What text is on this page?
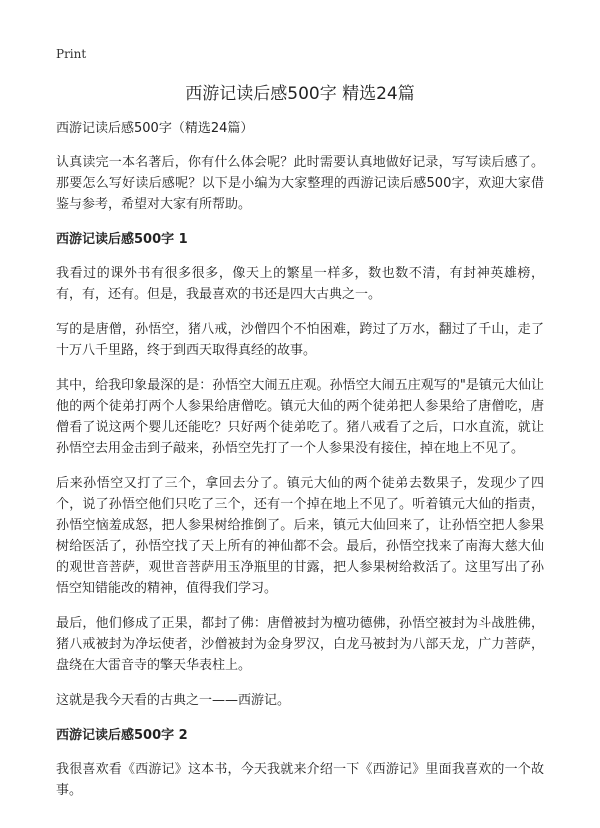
Print
西游记读后感500字 精选24篇
西游记读后感500字（精选24篇）

认真读完一本名著后，你有什么体会呢？此时需要认真地做好记录，写写读后感了。那要怎么写好读后感呢？以下是小编为大家整理的西游记读后感500字，欢迎大家借鉴与参考，希望对大家有所帮助。

西游记读后感500字 1

我看过的课外书有很多很多，像天上的繁星一样多，数也数不清，有封神英雄榜，有，有，还有。但是，我最喜欢的书还是四大古典之一。

写的是唐僧，孙悟空，猪八戒，沙僧四个不怕困难，跨过了万水，翻过了千山，走了十万八千里路，终于到西天取得真经的故事。

其中，给我印象最深的是：孙悟空大闹五庄观。孙悟空大闹五庄观写的"是镇元大仙让他的两个徒弟打两个人参果给唐僧吃。镇元大仙的两个徒弟把人参果给了唐僧吃，唐僧看了说这两个婴儿还能吃？只好两个徒弟吃了。猪八戒看了之后，口水直流，就让孙悟空去用金击到子敲来，孙悟空先打了一个人参果没有接住，掉在地上不见了。

后来孙悟空又打了三个，拿回去分了。镇元大仙的两个徒弟去数果子，发现少了四个，说了孙悟空他们只吃了三个，还有一个掉在地上不见了。听着镇元大仙的指责，孙悟空恼羞成怒，把人参果树给推倒了。后来，镇元大仙回来了，让孙悟空把人参果树给医活了，孙悟空找了天上所有的神仙都不会。最后，孙悟空找来了南海大慈大仙的观世音菩萨，观世音菩萨用玉净瓶里的甘露，把人参果树给救活了。这里写出了孙悟空知错能改的精神，值得我们学习。

最后，他们修成了正果，都封了佛：唐僧被封为檀功德佛，孙悟空被封为斗战胜佛，猪八戒被封为净坛使者，沙僧被封为金身罗汉，白龙马被封为八部天龙，广力菩萨，盘绕在大雷音寺的擎天华表柱上。

这就是我今天看的古典之一——西游记。

西游记读后感500字 2

我很喜欢看《西游记》这本书，今天我就来介绍一下《西游记》里面我喜欢的一个故事。
